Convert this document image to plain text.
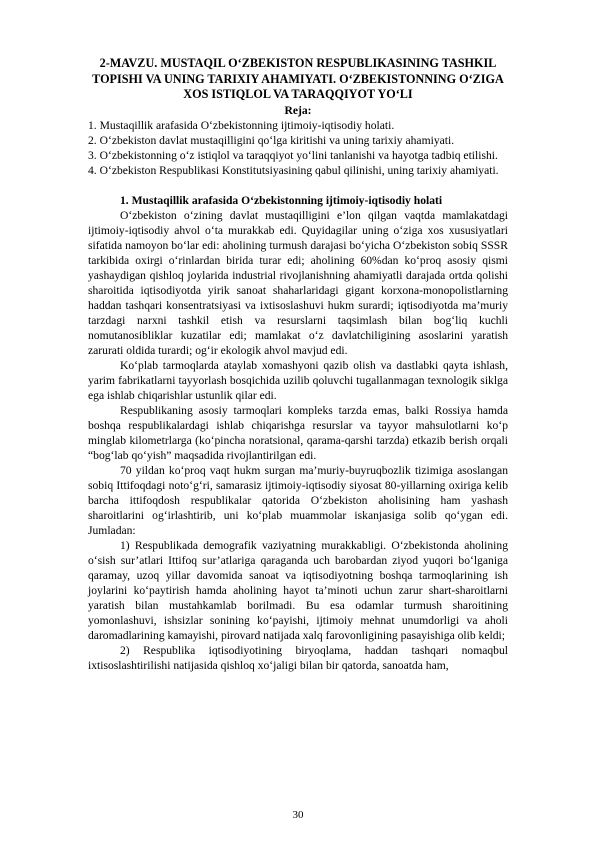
2-MAVZU. MUSTAQIL O‘ZBEKISTON RESPUBLIKASINING TASHKIL TOPISHI VA UNING TARIXIY AHAMIYATI. O‘ZBEKISTONNING O‘ZIGA XOS ISTIQLOL VA TARAQQIYOT YO‘LI

Reja:

1. Mustaqillik arafasida O‘zbekistonning ijtimoiy-iqtisodiy holati.

2. O‘zbekiston davlat mustaqilligini qo‘lga kiritishi va uning tarixiy ahamiyati.

3. O‘zbekistonning o‘z istiqlol va taraqqiyot yo‘lini tanlanishi va hayotga tadbiq etilishi.

4. O‘zbekiston Respublikasi Konstitutsiyasining qabul qilinishi, uning tarixiy ahamiyati.

1. Mustaqillik arafasida O‘zbekistonning ijtimoiy-iqtisodiy holati

O‘zbekiston o‘zining davlat mustaqilligini e’lon qilgan vaqtda mamlakatdagi ijtimoiy-iqtisodiy ahvol o‘ta murakkab edi. Quyidagilar uning o‘ziga xos xususiyatlari sifatida namoyon bo‘lar edi: aholining turmush darajasi bo‘yicha O‘zbekiston sobiq SSSR tarkibida oxirgi o‘rinlardan birida turar edi; aholining 60%dan ko‘proq asosiy qismi yashaydigan qishloq joylarida industrial rivojlanishning ahamiyatli darajada ortda qolishi sharoitida iqtisodiyotda yirik sanoat shaharlaridagi gigant korxona-monopolistlarning haddan tashqari konsentratsiyasi va ixtisoslashuvi hukm surardi; iqtisodiyotda ma’muriy tarzdagi narxni tashkil etish va resurslarni taqsimlash bilan bog‘liq kuchli nomutanosibliklar kuzatilar edi; mamlakat o‘z davlatchiligining asoslarini yaratish zarurati oldida turardi; og‘ir ekologik ahvol mavjud edi.

Ko‘plab tarmoqlarda ataylab xomashyoni qazib olish va dastlabki qayta ishlash, yarim fabrikatlarni tayyorlash bosqichida uzilib qoluvchi tugallanmagan texnologik siklga ega ishlab chiqarishlar ustunlik qilar edi.

Respublikaning asosiy tarmoqlari kompleks tarzda emas, balki Rossiya hamda boshqa respublikalardagi ishlab chiqarishga resurslar va tayyor mahsulotlarni ko‘p minglab kilometrlarga (ko‘pincha noratsional, qarama-qarshi tarzda) etkazib berish orqali “bog‘lab qo‘yish” maqsadida rivojlantirilgan edi.

70 yildan ko‘proq vaqt hukm surgan ma’muriy-buyruqbozlik tizimiga asoslangan sobiq Ittifoqdagi noto‘g‘ri, samarasiz ijtimoiy-iqtisodiy siyosat 80-yillarning oxiriga kelib barcha ittifoqdosh respublikalar qatorida O‘zbekiston aholisining ham yashash sharoitlarini og‘irlashtirib, uni ko‘plab muammolar iskanjasiga solib qo‘ygan edi. Jumladan:

1) Respublikada demografik vaziyatning murakkabligi. O‘zbekistonda aholining o‘sish sur’atlari Ittifoq sur’atlariga qaraganda uch barobardan ziyod yuqori bo‘lganiga qaramay, uzoq yillar davomida sanoat va iqtisodiyotning boshqa tarmoqlarining ish joylarini ko‘paytirish hamda aholining hayot ta’minoti uchun zarur shart-sharoitlarni yaratish bilan mustahkamlab borilmadi. Bu esa odamlar turmush sharoitining yomonlashuvi, ishsizlar sonining ko‘payishi, ijtimoiy mehnat unumdorligi va aholi daromadlarining kamayishi, pirovard natijada xalq farovonligining pasayishiga olib keldi;

2) Respublika iqtisodiyotining biryoqlama, haddan tashqari nomaqbul ixtisoslashtirilishi natijasida qishloq xo‘jaligi bilan bir qatorda, sanoatda ham,

30
